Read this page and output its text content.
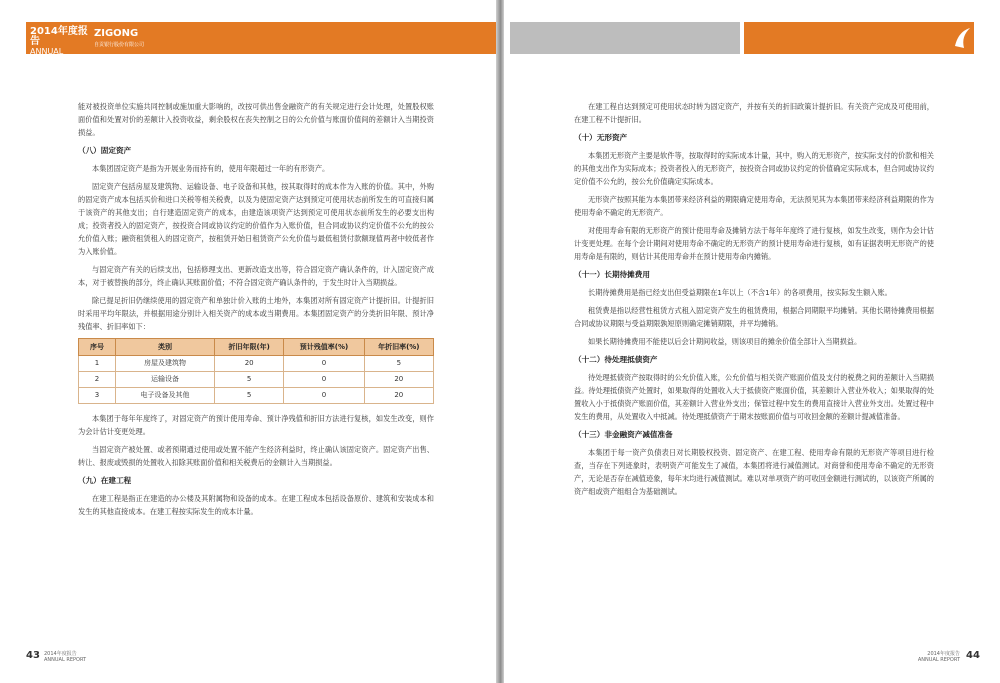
2014年度报告
ANNUAL REPORT
ZIGONG
自贡银行股份有限公司

能对被投资单位实施共同控制或施加重大影响的，改按可供出售金融资产的有关规定进行会计处理，处置股权账面价值和处置对价的差额计入投资收益，剩余股权在丧失控制之日的公允价值与账面价值间的差额计入当期投资损益。

（八）固定资产

本集团固定资产是指为开展业务而持有的，使用年限超过一年的有形资产。

固定资产包括房屋及建筑物、运输设备、电子设备和其他，按其取得时的成本作为入账的价值。其中，外购的固定资产成本包括买价和进口关税等相关税费，以及为使固定资产达到预定可使用状态前所发生的可直接归属于该资产的其他支出；自行建造固定资产的成本，由建造该项资产达到预定可使用状态前所发生的必要支出构成；投资者投入的固定资产，按投资合同或协议约定的价值作为入账价值，但合同或协议约定价值不公允的按公允价值入账；融资租赁租入的固定资产，按租赁开始日租赁资产公允价值与最低租赁付款额现值两者中较低者作为入账价值。

与固定资产有关的后续支出，包括修理支出、更新改造支出等，符合固定资产确认条件的，计入固定资产成本，对于被替换的部分，终止确认其账面价值；不符合固定资产确认条件的，于发生时计入当期损益。

除已提足折旧仍继续使用的固定资产和单独计价入账的土地外，本集团对所有固定资产计提折旧。计提折旧时采用平均年限法，并根据用途分别计入相关资产的成本或当期费用。本集团固定资产的分类折旧年限、预计净残值率、折旧率如下：

序号	类别	折旧年限(年)	预计残值率(%)	年折旧率(%)
1	房屋及建筑物	20	0	5
2	运输设备	5	0	20
3	电子设备及其他	5	0	20

本集团于每年年度终了，对固定资产的预计使用寿命、预计净残值和折旧方法进行复核，如发生改变，则作为会计估计变更处理。

当固定资产被处置、或者预期通过使用或处置不能产生经济利益时，终止确认该固定资产。固定资产出售、转让、报废或毁损的处置收入扣除其账面价值和相关税费后的金额计入当期损益。

（九）在建工程

在建工程是指正在建造的办公楼及其附属物和设备的成本。在建工程成本包括设备原价、建筑和安装成本和发生的其他直接成本。在建工程按实际发生的成本计量。

43 2014年度报告
ANNUAL REPORT

在建工程自达到预定可使用状态时转为固定资产，并按有关的折旧政策计提折旧。有关资产完成及可使用前，在建工程不计提折旧。

（十）无形资产

本集团无形资产主要是软件等，按取得时的实际成本计量，其中，购入的无形资产，按实际支付的价款和相关的其他支出作为实际成本；投资者投入的无形资产，按投资合同或协议约定的价值确定实际成本，但合同或协议约定价值不公允的，按公允价值确定实际成本。

无形资产按照其能为本集团带来经济利益的期限确定使用寿命，无法预见其为本集团带来经济利益期限的作为使用寿命不确定的无形资产。

对使用寿命有限的无形资产的预计使用寿命及摊销方法于每年年度终了进行复核，如发生改变，则作为会计估计变更处理。在每个会计期间对使用寿命不确定的无形资产的预计使用寿命进行复核，如有证据表明无形资产的使用寿命是有限的，则估计其使用寿命并在预计使用寿命内摊销。

（十一）长期待摊费用

长期待摊费用是指已经支出但受益期限在1年以上（不含1年）的各项费用，按实际发生额入账。

租赁费是指以经营性租赁方式租入固定资产发生的租赁费用，根据合同期限平均摊销。其他长期待摊费用根据合同或协议期限与受益期限孰短原则确定摊销期限，并平均摊销。

如果长期待摊费用不能使以后会计期间收益，则该项目的摊余价值全部计入当期损益。

（十二）待处理抵债资产

待处理抵债资产按取得时的公允价值入账，公允价值与相关资产账面价值及支付的税费之间的差额计入当期损益。待处理抵债资产处置时，如果取得的处置收入大于抵债资产账面价值，其差额计入营业外收入；如果取得的处置收入小于抵债资产账面价值，其差额计入营业外支出；保管过程中发生的费用直接计入营业外支出。处置过程中发生的费用，从处置收入中抵减。待处理抵债资产于期末按账面价值与可收回金额的差额计提减值准备。

（十三）非金融资产减值准备

本集团于每一资产负债表日对长期股权投资、固定资产、在建工程、使用寿命有限的无形资产等项目进行检查，当存在下列迹象时，表明资产可能发生了减值，本集团将进行减值测试。对商誉和使用寿命不确定的无形资产，无论是否存在减值迹象，每年末均进行减值测试。难以对单项资产的可收回金额进行测试的，以该资产所属的资产组或资产组组合为基础测试。

2014年度报告
ANNUAL REPORT 44
